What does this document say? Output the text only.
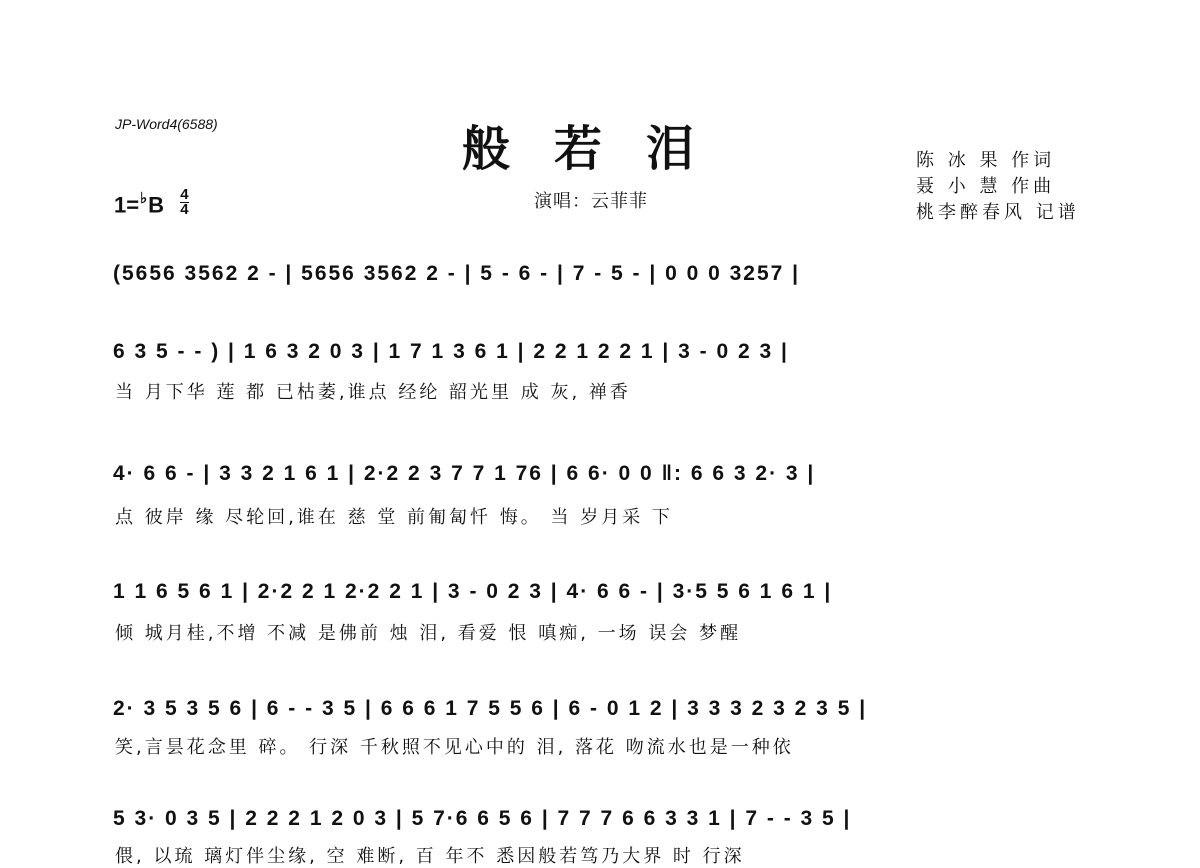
JP-Word4(6588)	般若泪	陈 冰 果 作词
聂 小 慧 作曲
桃李醉春风 记谱
演唱：云菲菲
$1=^♭B \frac{4}{4}$
(5656 3562 2 - | 5656 3562 2 - | 5 - 6 - | 7 - 5 - | 0 0 0 3257 |
6 3 5 - - ) | 1 6 3 2 0 3 | 1 7 1 3 6 1 | 2 2 1 2 2 1 | 3 - 0 2 3 |
当 月下华 莲 都 已枯萎,谁点 经纶 韶光里 成 灰, 禅香
4· 6 6 - | 3 3 2 1 6 1 | 2·2 2 3 7 7 1 76 | 6 6· 0 0 ‖: 6 6 3 2· 3 |
点 彼岸 缘 尽轮回,谁在 慈 堂 前匍匐忏 悔。 当 岁月采 下
1 1 6 5 6 1 | 2·2 2 1 2·2 2 1 | 3 - 0 2 3 | 4· 6 6 - | 3·5 5 6 1 6 1 |
倾 城月桂,不增 不减 是佛前 烛 泪, 看爱 恨 嗔痴, 一场 误会 梦醒
2· 3 5 3 5 6 | 6 - - 3 5 | 6 6 6 1 7 5 5 6 | 6 - 0 1 2 | 3 3 3 2 3 2 3 5 |
笑,言昙花念里 碎。 行深 千秋照不见心中的 泪, 落花 吻流水也是一种依
5 3· 0 3 5 | 2 2 2 1 2 0 3 | 5 7·6 6 5 6 | 7 7 7 6 6 3 3 1 | 7 - - 3 5 |
偎, 以琉 璃灯伴尘缘, 空 难断, 百 年不 悉因般若笃乃大界 时 行深
